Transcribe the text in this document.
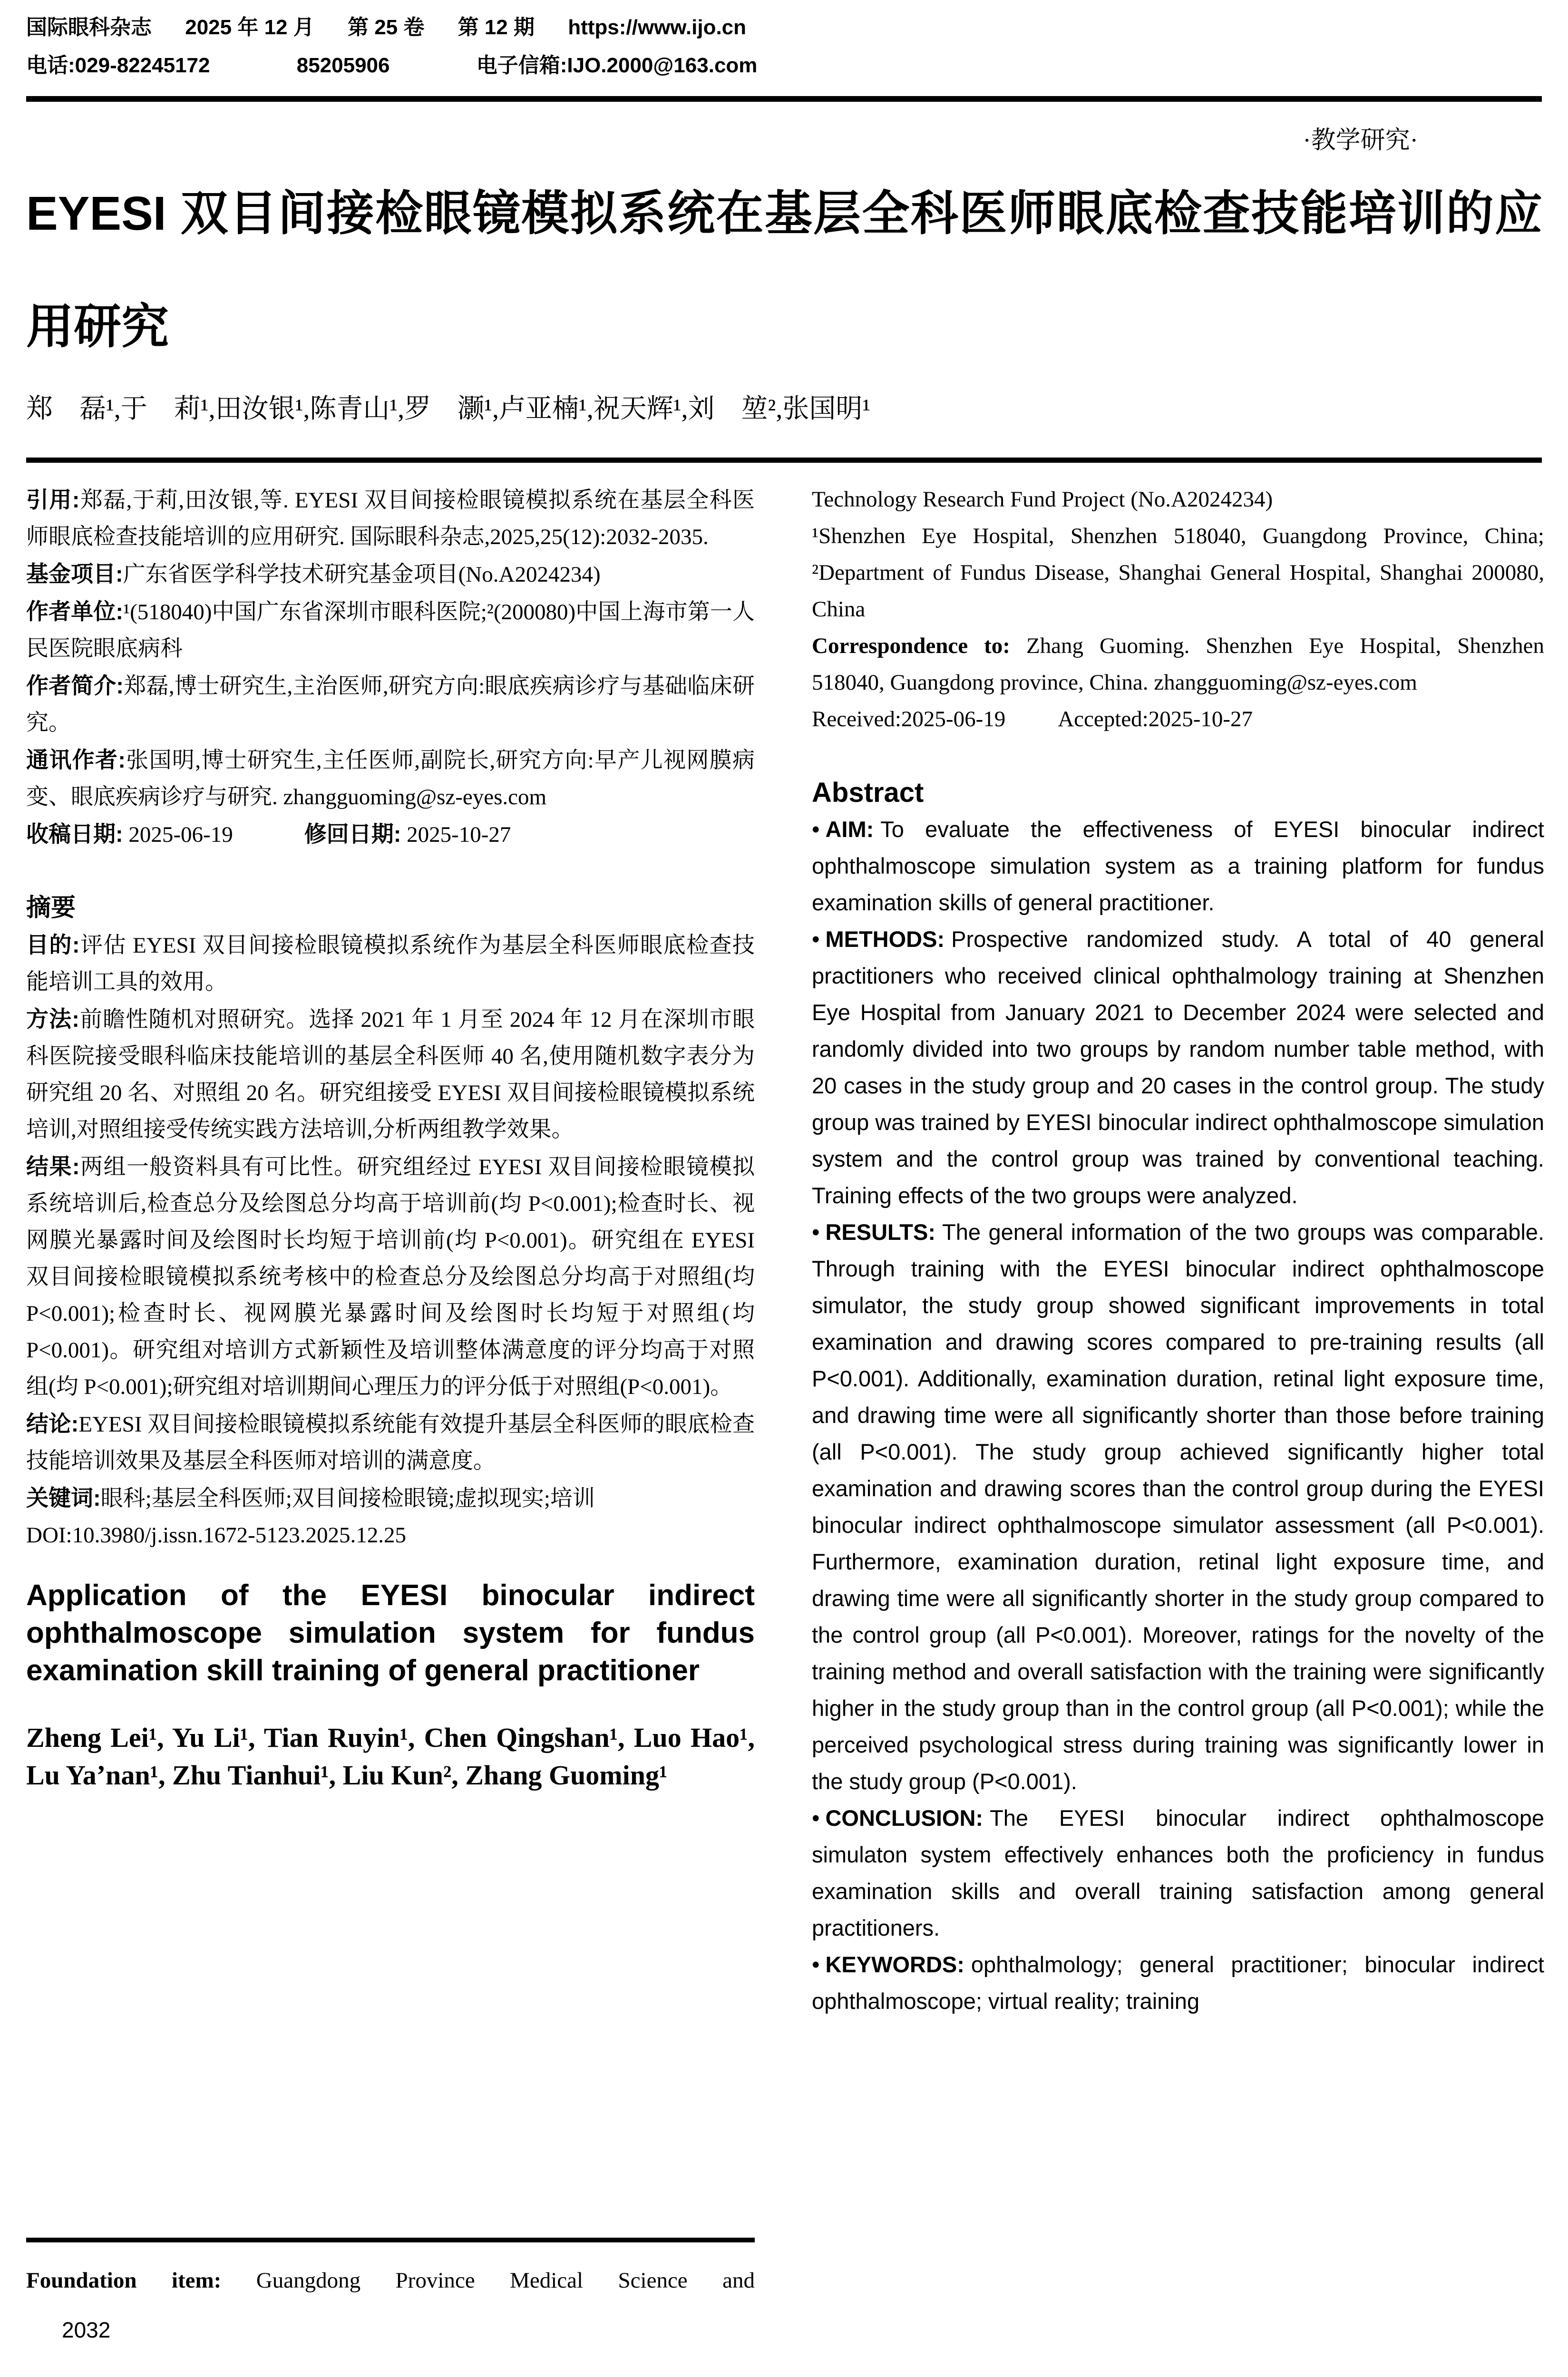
国际眼科杂志 2025 年 12 月 第 25 卷 第 12 期 https://www.ijo.cn
电话:029-82245172	85205906	电子信箱:IJO.2000@163.com
·教学研究·
EYESI 双目间接检眼镜模拟系统在基层全科医师眼底检查技能培训的应用研究
郑　磊¹,于　莉¹,田汝银¹,陈青山¹,罗　灏¹,卢亚楠¹,祝天辉¹,刘　堃²,张国明¹

引用:郑磊,于莉,田汝银,等. EYESI 双目间接检眼镜模拟系统在基层全科医师眼底检查技能培训的应用研究. 国际眼科杂志,2025,25(12):2032-2035.

基金项目:广东省医学科学技术研究基金项目(No.A2024234)

作者单位:¹(518040)中国广东省深圳市眼科医院;²(200080)中国上海市第一人民医院眼底病科

作者简介:郑磊,博士研究生,主治医师,研究方向:眼底疾病诊疗与基础临床研究。

通讯作者:张国明,博士研究生,主任医师,副院长,研究方向:早产儿视网膜病变、眼底疾病诊疗与研究. zhangguoming@sz-eyes.com

收稿日期: 2025-06-19	修回日期: 2025-10-27

摘要

目的:评估 EYESI 双目间接检眼镜模拟系统作为基层全科医师眼底检查技能培训工具的效用。

方法:前瞻性随机对照研究。选择 2021 年 1 月至 2024 年 12 月在深圳市眼科医院接受眼科临床技能培训的基层全科医师 40 名,使用随机数字表分为研究组 20 名、对照组 20 名。研究组接受 EYESI 双目间接检眼镜模拟系统培训,对照组接受传统实践方法培训,分析两组教学效果。

结果:两组一般资料具有可比性。研究组经过 EYESI 双目间接检眼镜模拟系统培训后,检查总分及绘图总分均高于培训前(均 P<0.001);检查时长、视网膜光暴露时间及绘图时长均短于培训前(均 P<0.001)。研究组在 EYESI 双目间接检眼镜模拟系统考核中的检查总分及绘图总分均高于对照组(均 P<0.001);检查时长、视网膜光暴露时间及绘图时长均短于对照组(均 P<0.001)。研究组对培训方式新颖性及培训整体满意度的评分均高于对照组(均 P<0.001);研究组对培训期间心理压力的评分低于对照组(P<0.001)。

结论:EYESI 双目间接检眼镜模拟系统能有效提升基层全科医师的眼底检查技能培训效果及基层全科医师对培训的满意度。

关键词:眼科;基层全科医师;双目间接检眼镜;虚拟现实;培训

DOI:10.3980/j.issn.1672-5123.2025.12.25

Application of the EYESI binocular indirect ophthalmoscope simulation system for fundus examination skill training of general practitioner

Zheng Lei¹, Yu Li¹, Tian Ruyin¹, Chen Qingshan¹, Luo Hao¹, Lu Ya’nan¹, Zhu Tianhui¹, Liu Kun², Zhang Guoming¹

Technology Research Fund Project (No.A2024234)

¹Shenzhen Eye Hospital, Shenzhen 518040, Guangdong Province, China; ²Department of Fundus Disease, Shanghai General Hospital, Shanghai 200080, China

Correspondence to: Zhang Guoming. Shenzhen Eye Hospital, Shenzhen 518040, Guangdong province, China. zhangguoming@sz-eyes.com

Received:2025-06-19 Accepted:2025-10-27

Abstract

• AIM: To evaluate the effectiveness of EYESI binocular indirect ophthalmoscope simulation system as a training platform for fundus examination skills of general practitioner.

• METHODS: Prospective randomized study. A total of 40 general practitioners who received clinical ophthalmology training at Shenzhen Eye Hospital from January 2021 to December 2024 were selected and randomly divided into two groups by random number table method, with 20 cases in the study group and 20 cases in the control group. The study group was trained by EYESI binocular indirect ophthalmoscope simulation system and the control group was trained by conventional teaching. Training effects of the two groups were analyzed.

• RESULTS: The general information of the two groups was comparable. Through training with the EYESI binocular indirect ophthalmoscope simulator, the study group showed significant improvements in total examination and drawing scores compared to pre-training results (all P<0.001). Additionally, examination duration, retinal light exposure time, and drawing time were all significantly shorter than those before training (all P<0.001). The study group achieved significantly higher total examination and drawing scores than the control group during the EYESI binocular indirect ophthalmoscope simulator assessment (all P<0.001). Furthermore, examination duration, retinal light exposure time, and drawing time were all significantly shorter in the study group compared to the control group (all P<0.001). Moreover, ratings for the novelty of the training method and overall satisfaction with the training were significantly higher in the study group than in the control group (all P<0.001); while the perceived psychological stress during training was significantly lower in the study group (P<0.001).

• CONCLUSION: The EYESI binocular indirect ophthalmoscope simulaton system effectively enhances both the proficiency in fundus examination skills and overall training satisfaction among general practitioners.

• KEYWORDS: ophthalmology; general practitioner; binocular indirect ophthalmoscope; virtual reality; training

Foundation item: Guangdong Province Medical Science and

2032
